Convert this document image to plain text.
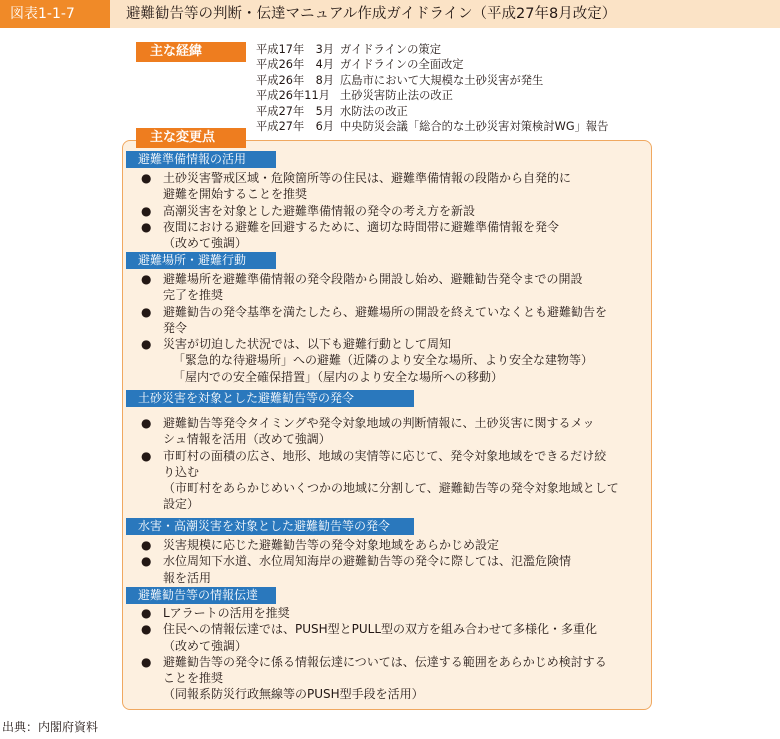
図表1-1-7	避難勧告等の判断・伝達マニュアル作成ガイドライン（平成27年8月改定）
主な経緯	平成17年　3月 ガイドラインの策定
平成26年　4月 ガイドラインの全面改定
平成26年　8月 広島市において大規模な土砂災害が発生
平成26年11月 土砂災害防止法の改正
平成27年　5月 水防法の改正
平成27年　6月 中央防災会議「総合的な土砂災害対策検討WG」報告
主な変更点
避難準備情報の活用
● 土砂災害警戒区域・危険箇所等の住民は、避難準備情報の段階から自発的に
避難を開始することを推奨
● 高潮災害を対象とした避難準備情報の発令の考え方を新設
● 夜間における避難を回避するために、適切な時間帯に避難準備情報を発令
（改めて強調）
避難場所・避難行動
● 避難場所を避難準備情報の発令段階から開設し始め、避難勧告発令までの開設
完了を推奨
● 避難勧告の発令基準を満たしたら、避難場所の開設を終えていなくとも避難勧告を
発令
● 災害が切迫した状況では、以下も避難行動として周知
「緊急的な待避場所」への避難（近隣のより安全な場所、より安全な建物等）
「屋内での安全確保措置」（屋内のより安全な場所への移動）
土砂災害を対象とした避難勧告等の発令
● 避難勧告等発令タイミングや発令対象地域の判断情報に、土砂災害に関するメッ
シュ情報を活用（改めて強調）
● 市町村の面積の広さ、地形、地域の実情等に応じて、発令対象地域をできるだけ絞
り込む
（市町村をあらかじめいくつかの地域に分割して、避難勧告等の発令対象地域として
設定）
水害・高潮災害を対象とした避難勧告等の発令
● 災害規模に応じた避難勧告等の発令対象地域をあらかじめ設定
● 水位周知下水道、水位周知海岸の避難勧告等の発令に際しては、氾濫危険情
報を活用
避難勧告等の情報伝達
● Lアラートの活用を推奨
● 住民への情報伝達では、PUSH型とPULL型の双方を組み合わせて多様化・多重化
（改めて強調）
● 避難勧告等の発令に係る情報伝達については、伝達する範囲をあらかじめ検討する
ことを推奨
（同報系防災行政無線等のPUSH型手段を活用）
出典：内閣府資料
